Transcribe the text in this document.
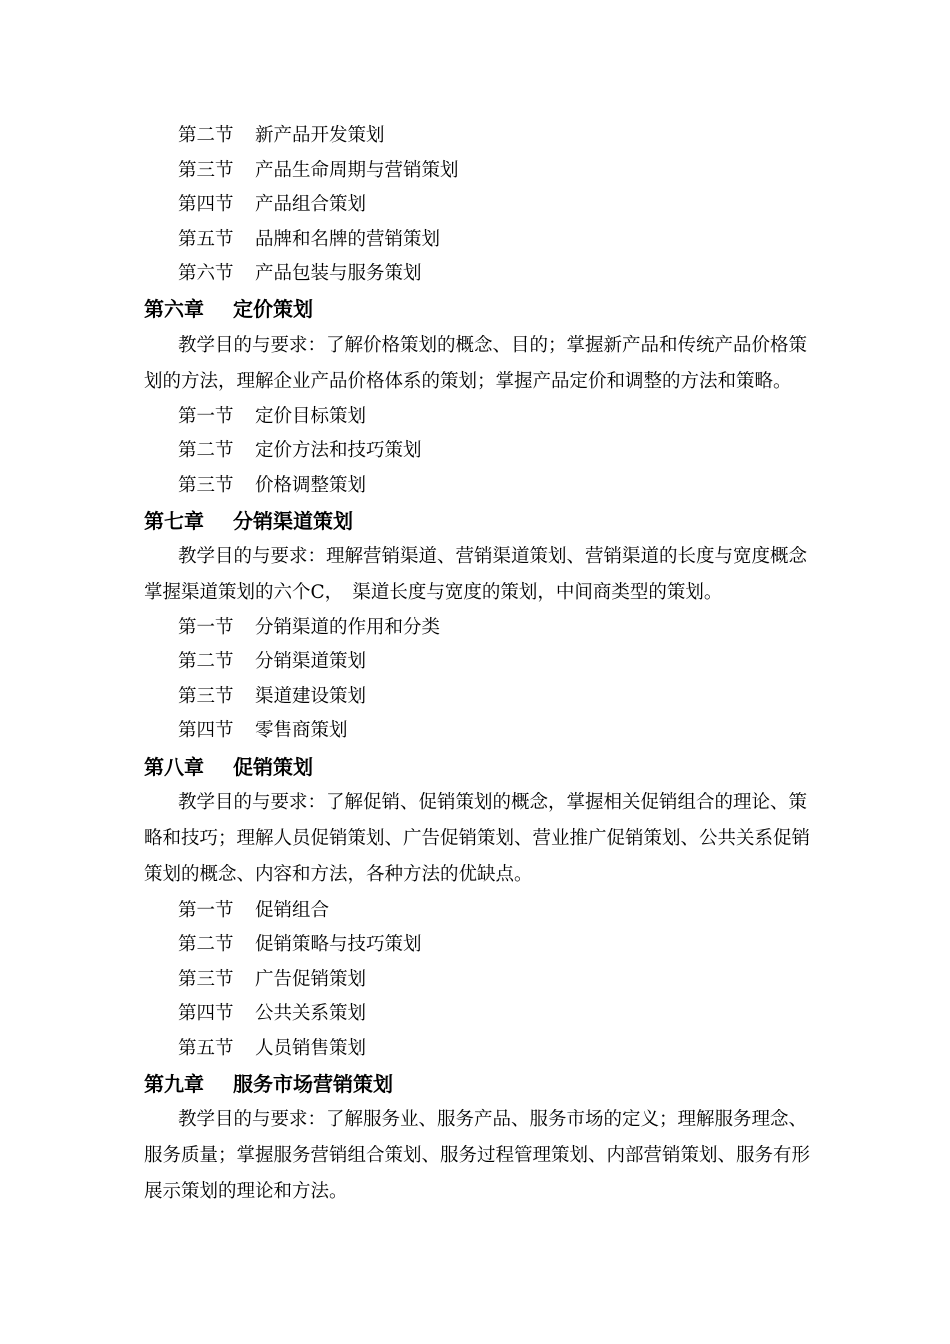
第二节 新产品开发策划
第三节 产品生命周期与营销策划
第四节 产品组合策划
第五节 品牌和名牌的营销策划
第六节 产品包装与服务策划
第六章 定价策划
教学目的与要求：了解价格策划的概念、目的；掌握新产品和传统产品价格策
划的方法，理解企业产品价格体系的策划；掌握产品定价和调整的方法和策略。
第一节 定价目标策划
第二节 定价方法和技巧策划
第三节 价格调整策划
第七章 分销渠道策划
教学目的与要求：理解营销渠道、营销渠道策划、营销渠道的长度与宽度概念
掌握渠道策划的六个C，　渠道长度与宽度的策划，中间商类型的策划。
第一节 分销渠道的作用和分类
第二节 分销渠道策划
第三节 渠道建设策划
第四节 零售商策划
第八章 促销策划
教学目的与要求：了解促销、促销策划的概念，掌握相关促销组合的理论、策
略和技巧；理解人员促销策划、广告促销策划、营业推广促销策划、公共关系促销
策划的概念、内容和方法，各种方法的优缺点。
第一节 促销组合
第二节 促销策略与技巧策划
第三节 广告促销策划
第四节 公共关系策划
第五节 人员销售策划
第九章 服务市场营销策划
教学目的与要求：了解服务业、服务产品、服务市场的定义；理解服务理念、
服务质量；掌握服务营销组合策划、服务过程管理策划、内部营销策划、服务有形
展示策划的理论和方法。
